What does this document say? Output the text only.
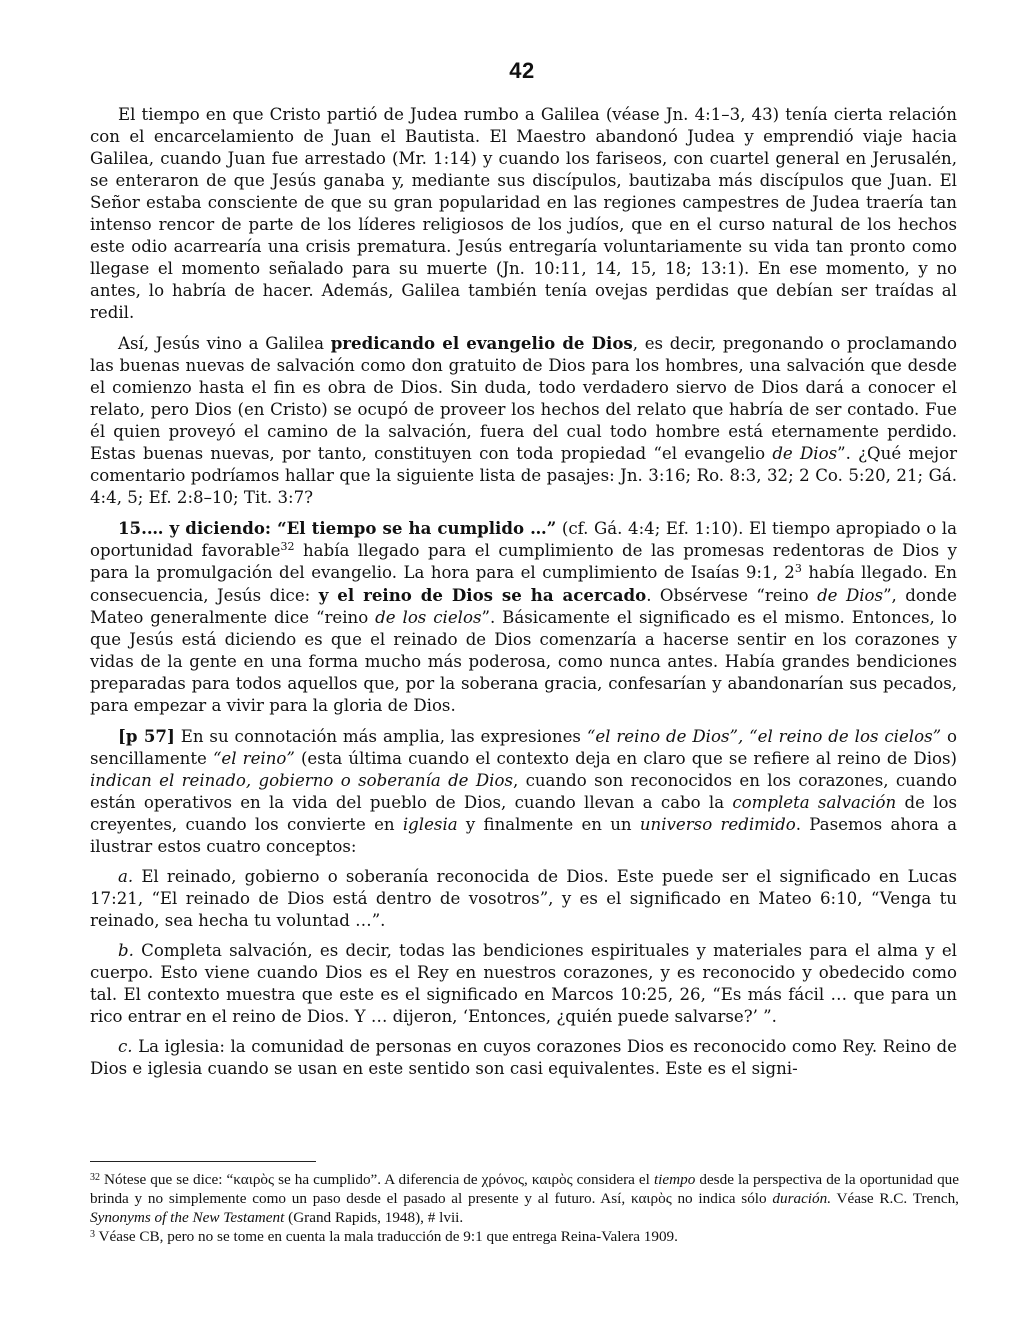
42

El tiempo en que Cristo partió de Judea rumbo a Galilea (véase Jn. 4:1–3, 43) tenía cierta relación con el encarcelamiento de Juan el Bautista. El Maestro abandonó Judea y emprendió viaje hacia Galilea, cuando Juan fue arrestado (Mr. 1:14) y cuando los fariseos, con cuartel general en Jerusalén, se enteraron de que Jesús ganaba y, mediante sus discípulos, bautizaba más discípulos que Juan. El Señor estaba consciente de que su gran popularidad en las regiones campestres de Judea traería tan intenso rencor de parte de los líderes religiosos de los judíos, que en el curso natural de los hechos este odio acarrearía una crisis prematura. Jesús entregaría voluntariamente su vida tan pronto como llegase el momento señalado para su muerte (Jn. 10:11, 14, 15, 18; 13:1). En ese momento, y no antes, lo habría de hacer. Además, Galilea también tenía ovejas perdidas que debían ser traídas al redil.

Así, Jesús vino a Galilea predicando el evangelio de Dios, es decir, pregonando o proclamando las buenas nuevas de salvación como don gratuito de Dios para los hombres, una salvación que desde el comienzo hasta el fin es obra de Dios. Sin duda, todo verdadero siervo de Dios dará a conocer el relato, pero Dios (en Cristo) se ocupó de proveer los hechos del relato que habría de ser contado. Fue él quien proveyó el camino de la salvación, fuera del cual todo hombre está eternamente perdido. Estas buenas nuevas, por tanto, constituyen con toda propiedad “el evangelio de Dios”. ¿Qué mejor comentario podríamos hallar que la siguiente lista de pasajes: Jn. 3:16; Ro. 8:3, 32; 2 Co. 5:20, 21; Gá. 4:4, 5; Ef. 2:8–10; Tit. 3:7?

15.… y diciendo: “El tiempo se ha cumplido …” (cf. Gá. 4:4; Ef. 1:10). El tiempo apropiado o la oportunidad favorable$^{32}$ había llegado para el cumplimiento de las promesas redentoras de Dios y para la promulgación del evangelio. La hora para el cumplimiento de Isaías 9:1, $2^3$ había llegado. En consecuencia, Jesús dice: y el reino de Dios se ha acercado. Obsérvese “reino de Dios”, donde Mateo generalmente dice “reino de los cielos”. Básicamente el significado es el mismo. Entonces, lo que Jesús está diciendo es que el reinado de Dios comenzaría a hacerse sentir en los corazones y vidas de la gente en una forma mucho más poderosa, como nunca antes. Había grandes bendiciones preparadas para todos aquellos que, por la soberana gracia, confesarían y abandonarían sus pecados, para empezar a vivir para la gloria de Dios.

[p 57] En su connotación más amplia, las expresiones “el reino de Dios”, “el reino de los cielos” o sencillamente “el reino” (esta última cuando el contexto deja en claro que se refiere al reino de Dios) indican el reinado, gobierno o soberanía de Dios, cuando son reconocidos en los corazones, cuando están operativos en la vida del pueblo de Dios, cuando llevan a cabo la completa salvación de los creyentes, cuando los convierte en iglesia y finalmente en un universo redimido. Pasemos ahora a ilustrar estos cuatro conceptos:

a. El reinado, gobierno o soberanía reconocida de Dios. Este puede ser el significado en Lucas 17:21, “El reinado de Dios está dentro de vosotros”, y es el significado en Mateo 6:10, “Venga tu reinado, sea hecha tu voluntad …”.

b. Completa salvación, es decir, todas las bendiciones espirituales y materiales para el alma y el cuerpo. Esto viene cuando Dios es el Rey en nuestros corazones, y es reconocido y obedecido como tal. El contexto muestra que este es el significado en Marcos 10:25, 26, “Es más fácil … que para un rico entrar en el reino de Dios. Y … dijeron, ‘Entonces, ¿quién puede salvarse?’ ”.

c. La iglesia: la comunidad de personas en cuyos corazones Dios es reconocido como Rey. Reino de Dios e iglesia cuando se usan en este sentido son casi equivalentes. Este es el signi-

$^{32}$ Nótese que se dice: “καιρὸς se ha cumplido”. A diferencia de χρόνος, καιρὸς considera el tiempo desde la perspectiva de la oportunidad que brinda y no simplemente como un paso desde el pasado al presente y al futuro. Así, καιρὸς no indica sólo duración. Véase R.C. Trench, Synonyms of the New Testament (Grand Rapids, 1948), # lvii.

$^3$ Véase CB, pero no se tome en cuenta la mala traducción de 9:1 que entrega Reina-Valera 1909.
